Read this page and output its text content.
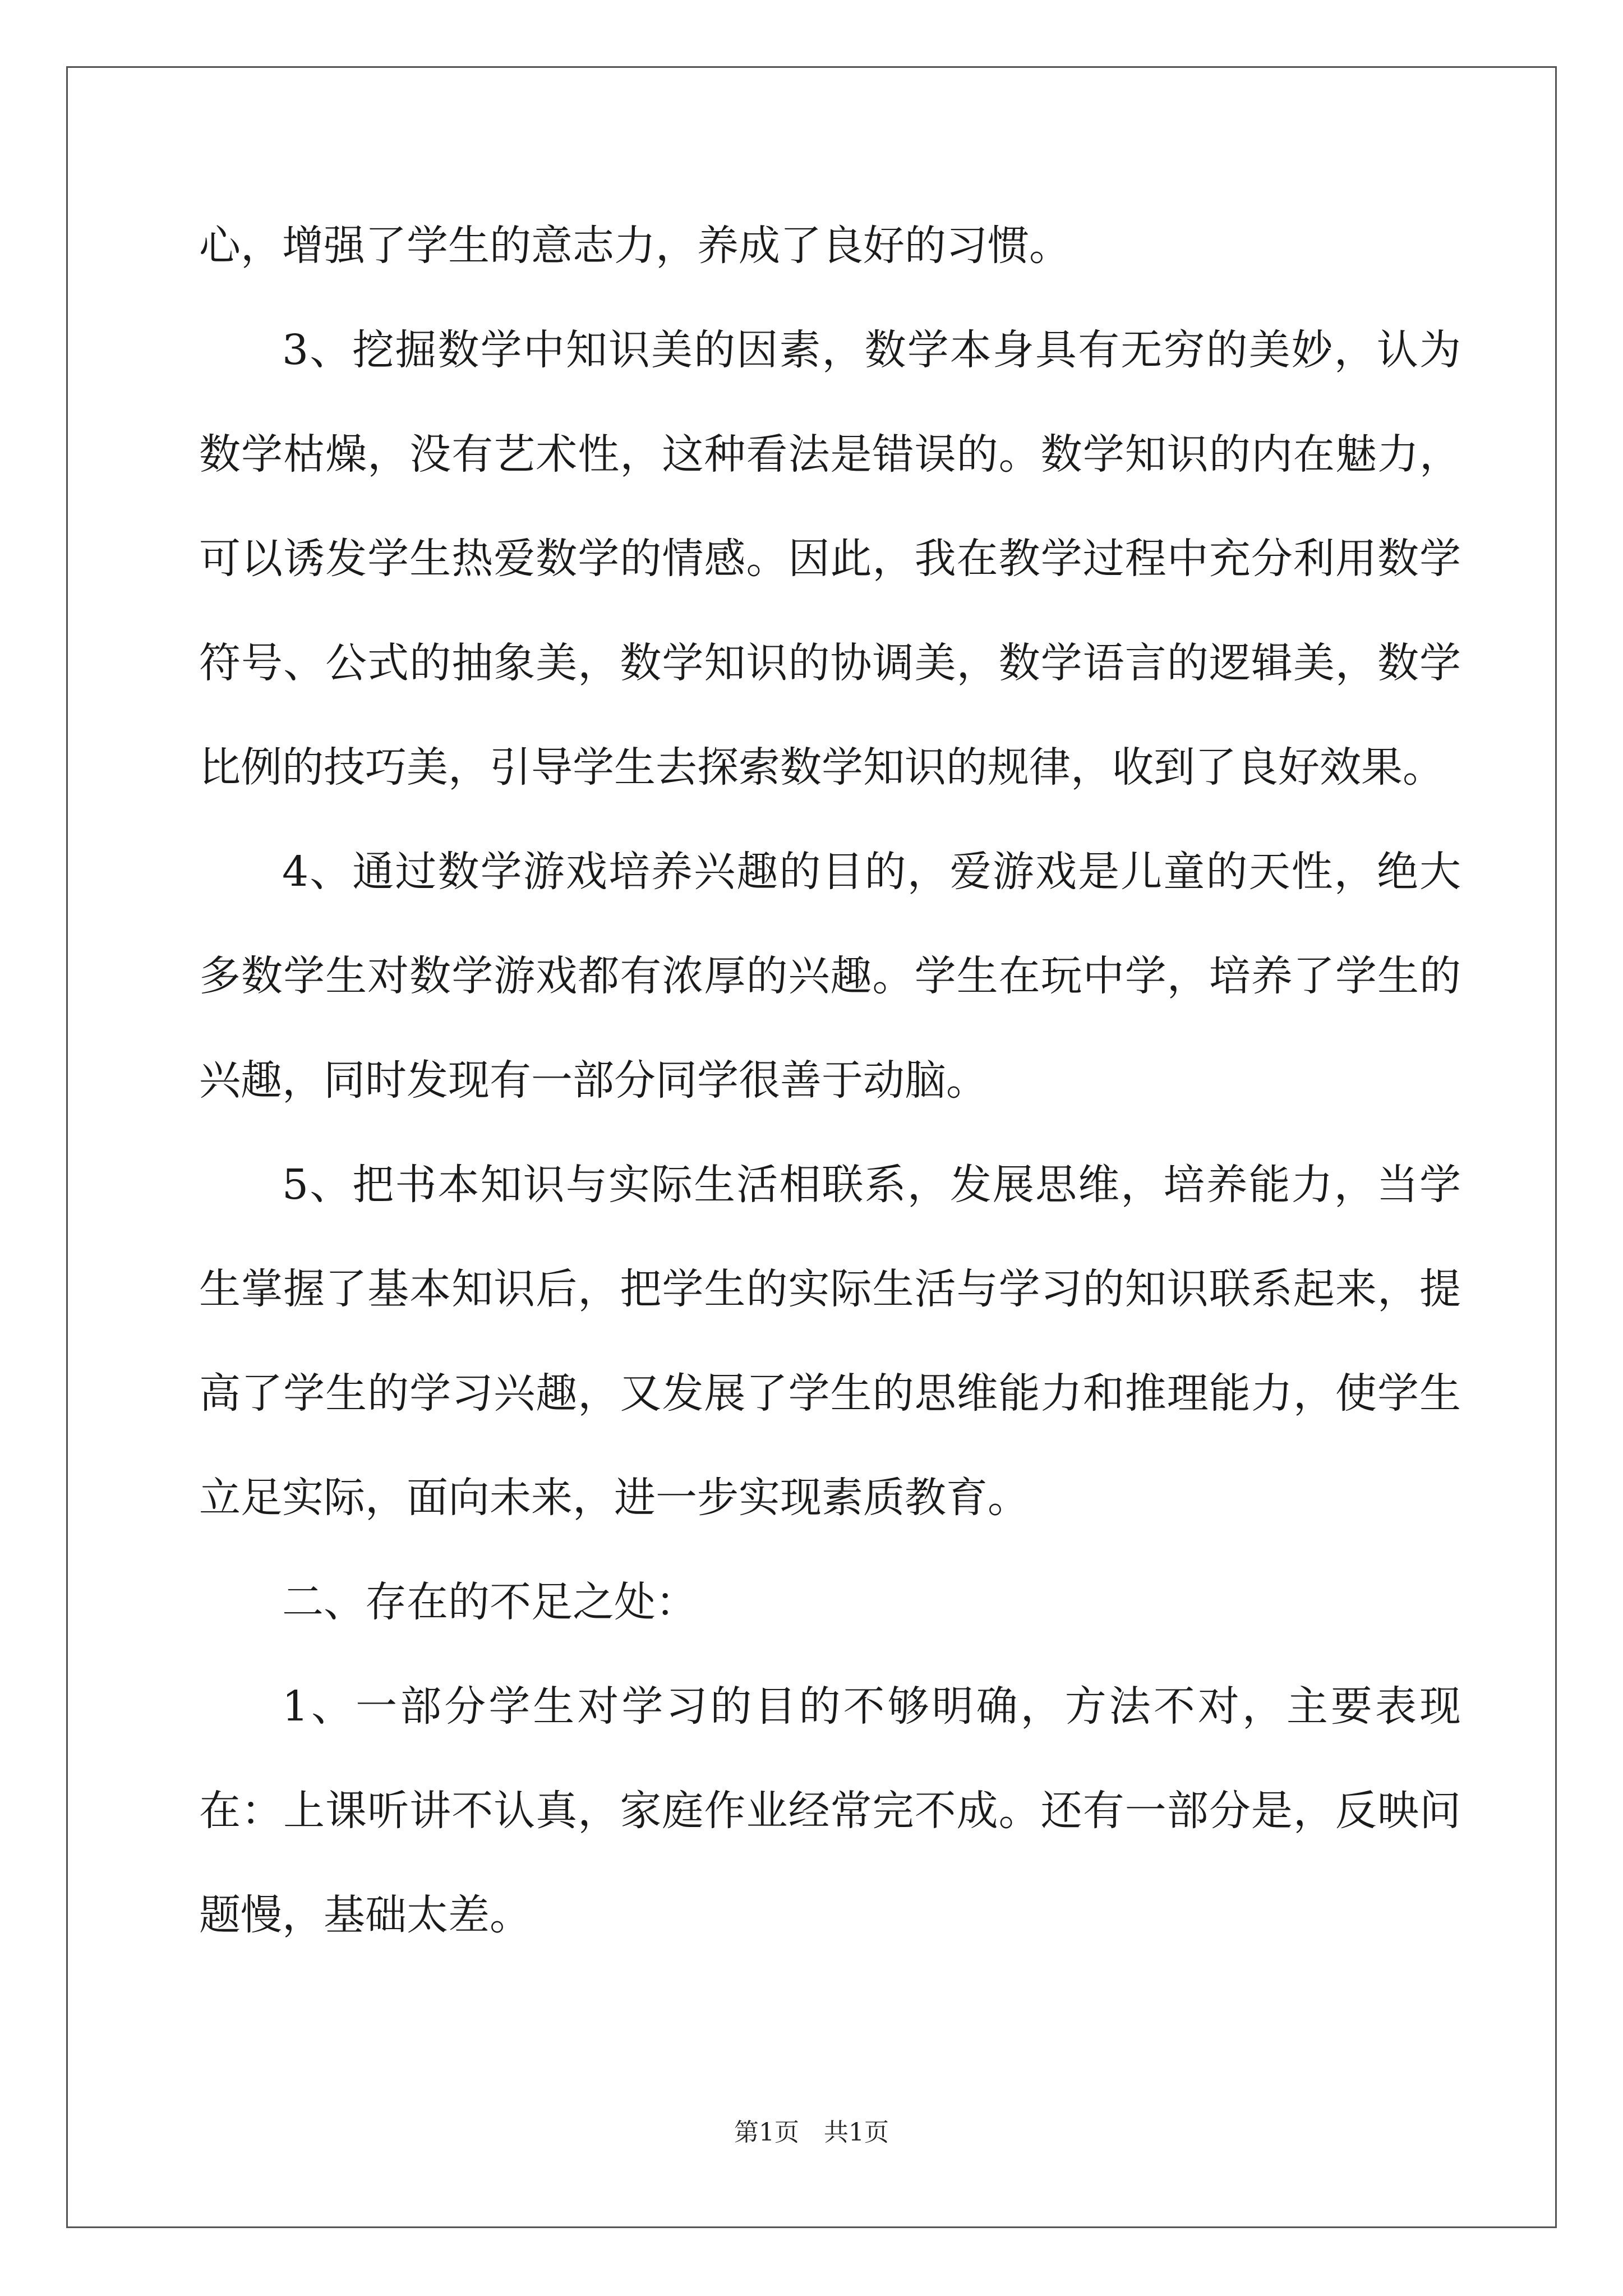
心，增强了学生的意志力，养成了良好的习惯。

3、挖掘数学中知识美的因素，数学本身具有无穷的美妙，认为数学枯燥，没有艺术性，这种看法是错误的。数学知识的内在魅力，可以诱发学生热爱数学的情感。因此，我在教学过程中充分利用数学符号、公式的抽象美，数学知识的协调美，数学语言的逻辑美，数学比例的技巧美，引导学生去探索数学知识的规律，收到了良好效果。

4、通过数学游戏培养兴趣的目的，爱游戏是儿童的天性，绝大多数学生对数学游戏都有浓厚的兴趣。学生在玩中学，培养了学生的兴趣，同时发现有一部分同学很善于动脑。

5、把书本知识与实际生活相联系，发展思维，培养能力，当学生掌握了基本知识后，把学生的实际生活与学习的知识联系起来，提高了学生的学习兴趣，又发展了学生的思维能力和推理能力，使学生立足实际，面向未来，进一步实现素质教育。

二、存在的不足之处：

1、一部分学生对学习的目的不够明确，方法不对，主要表现在：上课听讲不认真，家庭作业经常完不成。还有一部分是，反映问题慢，基础太差。

第1页　共1页
